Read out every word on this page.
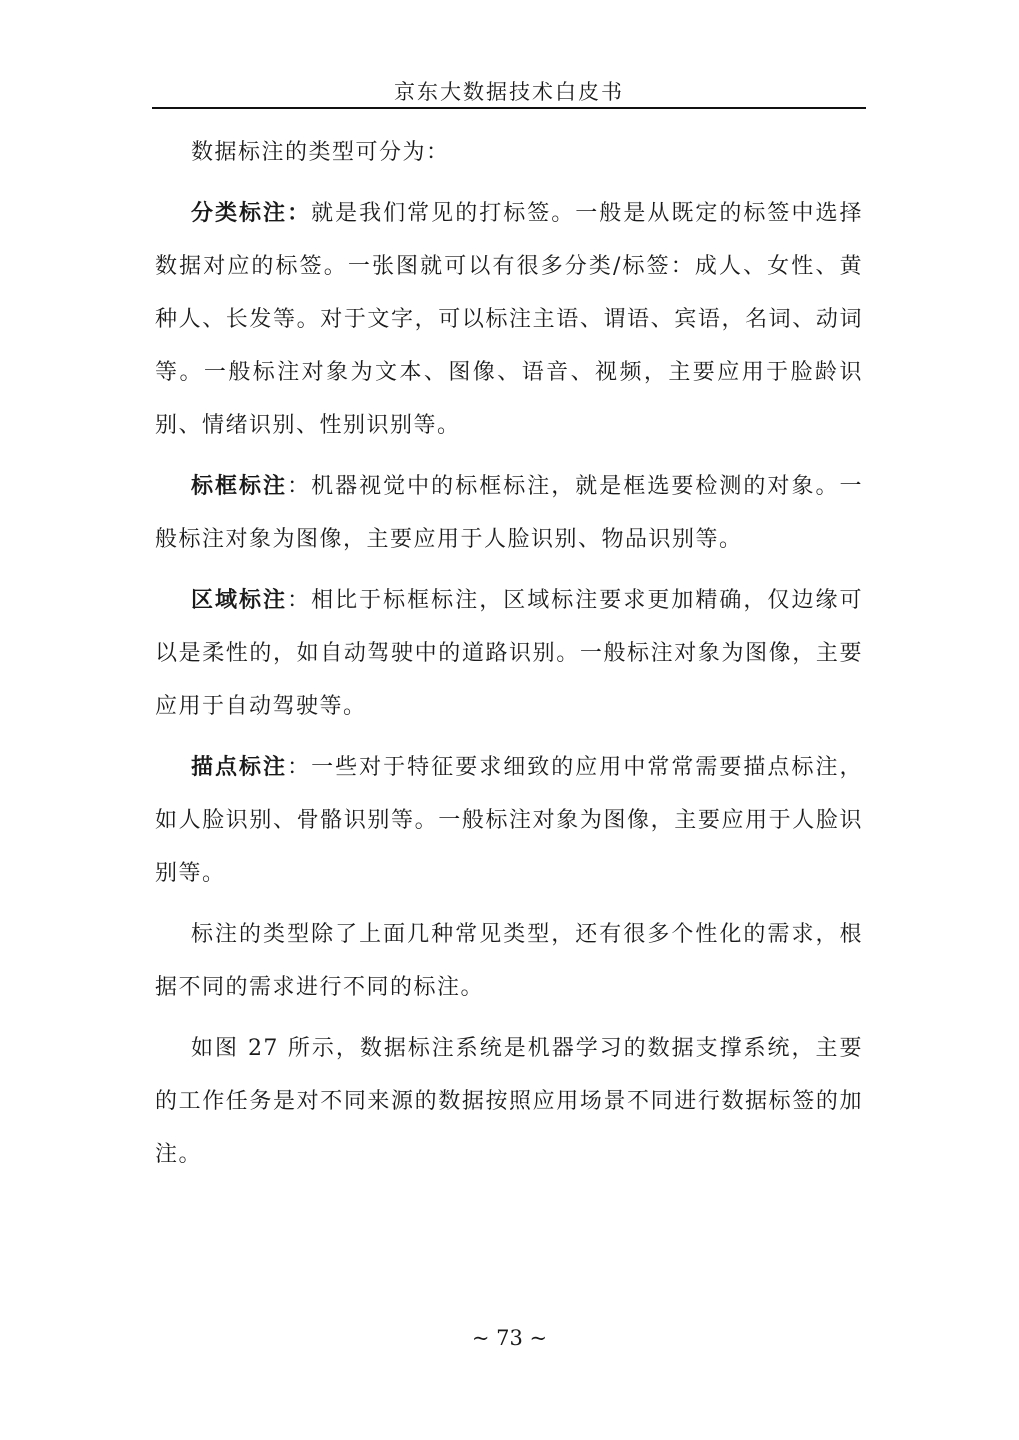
京东大数据技术白皮书

数据标注的类型可分为：

分类标注：就是我们常见的打标签。一般是从既定的标签中选择数据对应的标签。一张图就可以有很多分类/标签：成人、女性、黄种人、长发等。对于文字，可以标注主语、谓语、宾语，名词、动词等。一般标注对象为文本、图像、语音、视频，主要应用于脸龄识别、情绪识别、性别识别等。

标框标注：机器视觉中的标框标注，就是框选要检测的对象。一般标注对象为图像，主要应用于人脸识别、物品识别等。

区域标注：相比于标框标注，区域标注要求更加精确，仅边缘可以是柔性的，如自动驾驶中的道路识别。一般标注对象为图像，主要应用于自动驾驶等。

描点标注：一些对于特征要求细致的应用中常常需要描点标注，如人脸识别、骨骼识别等。一般标注对象为图像，主要应用于人脸识别等。

标注的类型除了上面几种常见类型，还有很多个性化的需求，根据不同的需求进行不同的标注。

如图 27 所示，数据标注系统是机器学习的数据支撑系统，主要的工作任务是对不同来源的数据按照应用场景不同进行数据标签的加注。

~ 73 ~
